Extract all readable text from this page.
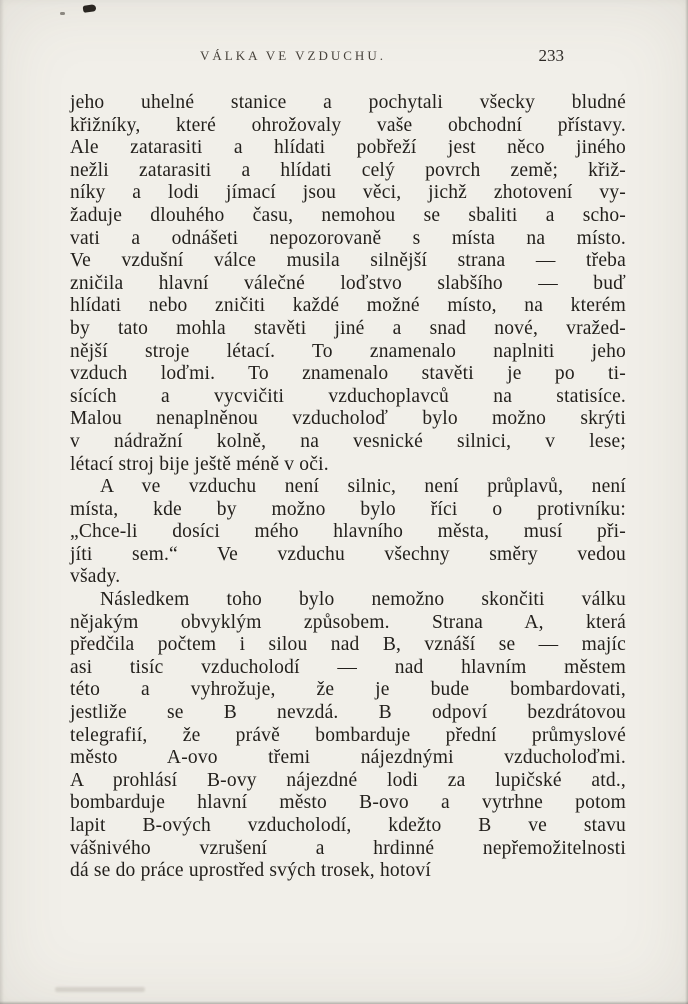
VÁLKA VE VZDUCHU.	233
jeho uhelné stanice a pochytali všecky bludné
křižníky, které ohrožovaly vaše obchodní přístavy.
Ale zatarasiti a hlídati pobřeží jest něco jiného
nežli zatarasiti a hlídati celý povrch země; křiž-
níky a lodi jímací jsou věci, jichž zhotovení vy-
žaduje dlouhého času, nemohou se sbaliti a scho-
vati a odnášeti nepozorovaně s místa na místo.
Ve vzdušní válce musila silnější strana — třeba
zničila hlavní válečné loďstvo slabšího — buď
hlídati nebo zničiti každé možné místo, na kterém
by tato mohla stavěti jiné a snad nové, vražed-
nější stroje létací. To znamenalo naplniti jeho
vzduch loďmi. To znamenalo stavěti je po ti-
sících a vycvičiti vzduchoplavců na statisíce.
Malou nenaplněnou vzducholoď bylo možno skrýti
v nádražní kolně, na vesnické silnici, v lese;
létací stroj bije ještě méně v oči.
A ve vzduchu není silnic, není průplavů, není
místa, kde by možno bylo říci o protivníku:
„Chce-li dosíci mého hlavního města, musí při-
jíti sem.“ Ve vzduchu všechny směry vedou
všady.
Následkem toho bylo nemožno skončiti válku
nějakým obvyklým způsobem. Strana A, která
předčila počtem i silou nad B, vznáší se — majíc
asi tisíc vzducholodí — nad hlavním městem
této a vyhrožuje, že je bude bombardovati,
jestliže se B nevzdá. B odpoví bezdrátovou
telegrafií, že právě bombarduje přední průmyslové
město A-ovo třemi nájezdnými vzducholoďmi.
A prohlásí B-ovy nájezdné lodi za lupičské atd.,
bombarduje hlavní město B-ovo a vytrhne potom
lapit B-ových vzducholodí, kdežto B ve stavu
vášnivého vzrušení a hrdinné nepřemožitelnosti
dá se do práce uprostřed svých trosek, hotoví
